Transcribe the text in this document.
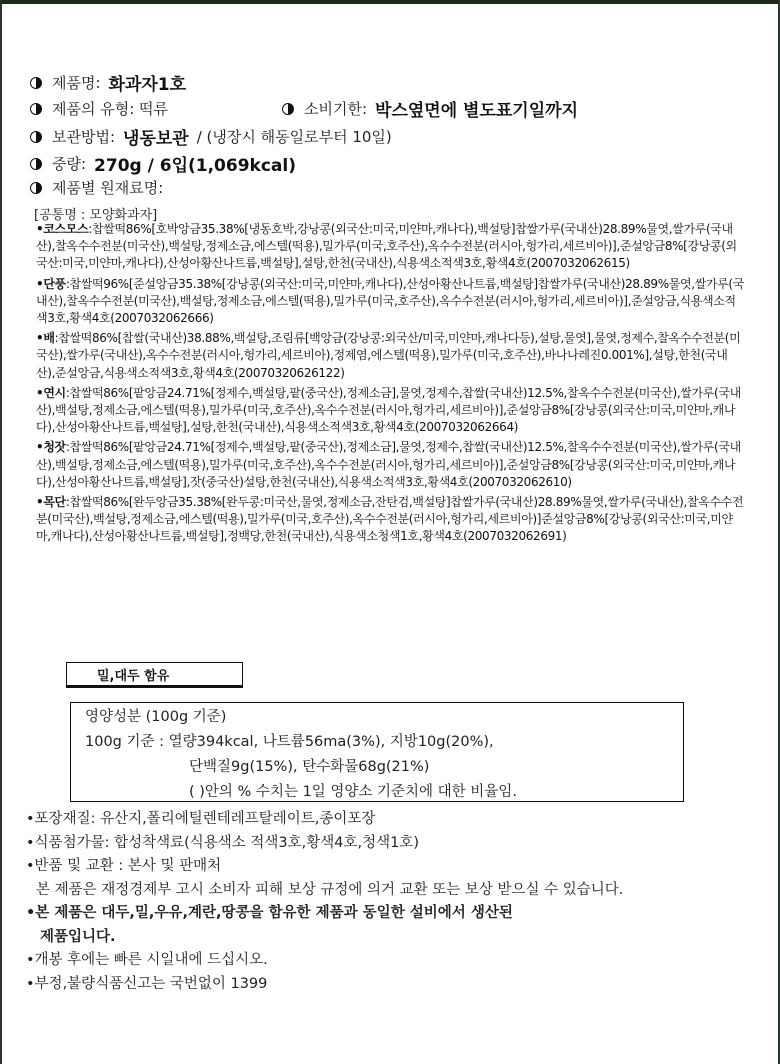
제품명: 화과자1호
제품의 유형: 떡류	소비기한: 박스옆면에 별도표기일까지
보관방법: 냉동보관 / (냉장시 해동일로부터 10일)
중량: 270g / 6입(1,069kcal)
제품별 원재료명:
[공통명 : 모양화과자]
•코스모스:찹쌀떡86%[호박앙금35.38%[냉동호박,강낭콩(외국산:미국,미얀마,캐나다),백설탕]찹쌀가루(국내산)28.89%물엿,쌀가루(국내산),찰옥수수전분(미국산),백설탕,정제소금,에스텔(떡용),밀가루(미국,호주산),옥수수전분(러시아,헝가리,세르비아)],준설앙금8%[강낭콩(외국산:미국,미얀마,캐나다),산성아황산나트륨,백설탕],설탕,한천(국내산),식용색소적색3호,황색4호(2007032062615)
•단풍:찹쌀떡96%[준설앙금35.38%[강낭콩(외국산:미국,미얀마,캐나다),산성아황산나트륨,백설탕]찹쌀가루(국내산)28.89%물엿,쌀가루(국내산),찰옥수수전분(미국산),백설탕,정제소금,에스텔(떡용),밀가루(미국,호주산),옥수수전분(러시아,헝가리,세르비아)],준설앙금,식용색소적색3호,황색4호(2007032062666)
•배:찹쌀떡86%[찹쌀(국내산)38.88%,백설탕,조림류[백앙금(강낭콩:외국산/미국,미얀마,캐나다등),설탕,물엿],물엿,정제수,찰옥수수전분(미국산),쌀가루(국내산),옥수수전분(러시아,헝가리,세르비아),정제염,에스텔(떡용),밀가루(미국,호주산),바나나레진0.001%],설탕,한천(국내산),준설앙금,식용색소적색3호,황색4호(2007032062612​2)
•연시:찹쌀떡86%[팥앙금24.71%[정제수,백설탕,팥(중국산),정제소금],물엿,정제수,찹쌀(국내산)12.5%,찰옥수수전분(미국산),쌀가루(국내산),백설탕,정제소금,에스텔(떡용),밀가루(미국,호주산),옥수수전분(러시아,헝가리,세르비아)],준설앙금8%[강낭콩(외국산:미국,미얀마,캐나다),산성아황산나트륨,백설탕],설탕,한천(국내산),식용색소적색3호,황색4호(2007032062664)
•청잣:찹쌀떡86%[팥앙금24.71%[정제수,백설탕,팥(중국산),정제소금],물엿,정제수,찹쌀(국내산)12.5%,찰옥수수전분(미국산),쌀가루(국내산),백설탕,정제소금,에스텔(떡용),밀가루(미국,호주산),옥수수전분(러시아,헝가리,세르비아)],준설앙금8%[강낭콩(외국산:미국,미얀마,캐나다),산성아황산나트륨,백설탕],잣(중국산)설탕,한천(국내산),식용색소적색3호,황색4호(2007032062610)
•목단:찹쌀떡86%[완두앙금35.38%[완두콩:미국산,물엿,정제소금,잔탄검,백설탕]찹쌀가루(국내산)28.89%물엿,쌀가루(국내산),찰옥수수전분(미국산),백설탕,정제소금,에스텔(떡용),밀가루(미국,호주산),옥수수전분(러시아,헝가리,세르비아)]준설앙금8%[강낭콩(외국산:미국,미얀마,캐나다),산성아황산나트륨,백설탕],정백당,한천(국내산),식용색소청색1호,황색4호(2007032062691)
밀,대두 함유
영양성분 (100g 기준)
100g 기준 : 열량394kcal, 나트륨56ma(3%), 지방10g(20%),
단백질9g(15%), 탄수화물68g(21%)
( )안의 % 수치는 1일 영양소 기준치에 대한 비율임.
•포장재질: 유산지,폴리에틸렌테레프탈레이트,종이포장
•식품첨가물: 합성착색료(식용색소 적색3호,황색4호,청색1호)
•반품 및 교환 : 본사 및 판매처
본 제품은 재정경제부 고시 소비자 피해 보상 규정에 의거 교환 또는 보상 받으실 수 있습니다.
•본 제품은 대두,밀,우유,계란,땅콩을 함유한 제품과 동일한 설비에서 생산된
제품입니다.
•개봉 후에는 빠른 시일내에 드십시오.
•부정,불량식품신고는 국번없이 1399
